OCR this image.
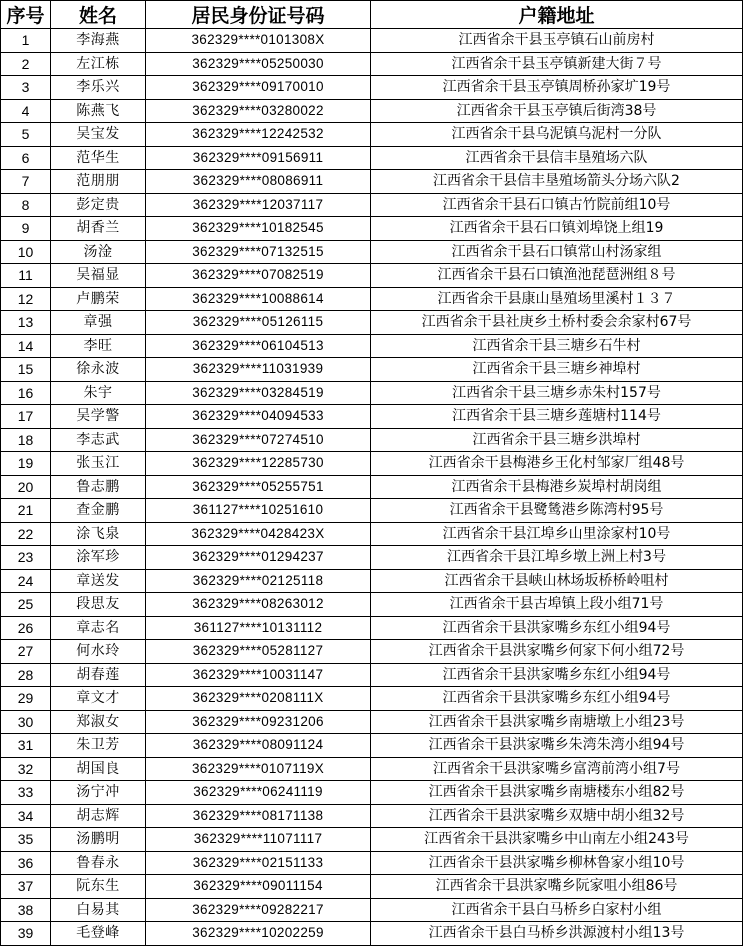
序号	姓名	居民身份证号码	户籍地址
1	李海燕	362329****0101308X	江西省余干县玉亭镇石山前房村
2	左江栋	362329****05250030	江西省余干县玉亭镇新建大街７号
3	李乐兴	362329****09170010	江西省余干县玉亭镇周桥孙家圹19号
4	陈燕飞	362329****03280022	江西省余干县玉亭镇后街湾38号
5	吴宝发	362329****12242532	江西省余干县乌泥镇乌泥村一分队
6	范华生	362329****09156911	江西省余干县信丰垦殖场六队
7	范朋朋	362329****08086911	江西省余干县信丰垦殖场箭头分场六队2
8	彭定贵	362329****12037117	江西省余干县石口镇古竹院前组10号
9	胡香兰	362329****10182545	江西省余干县石口镇刘埠饶上组19
10	汤淦	362329****07132515	江西省余干县石口镇常山村汤家组
11	吴福显	362329****07082519	江西省余干县石口镇渔池琵琶洲组８号
12	卢鹏荣	362329****10088614	江西省余干县康山垦殖场里溪村１３７
13	章强	362329****05126115	江西省余干县社庚乡土桥村委会余家村67号
14	李旺	362329****06104513	江西省余干县三塘乡石牛村
15	徐永波	362329****11031939	江西省余干县三塘乡神埠村
16	朱宇	362329****03284519	江西省余干县三塘乡赤朱村157号
17	吴学警	362329****04094533	江西省余干县三塘乡莲塘村114号
18	李志武	362329****07274510	江西省余干县三塘乡洪埠村
19	张玉江	362329****12285730	江西省余干县梅港乡王化村邹家厂组48号
20	鲁志鹏	362329****05255751	江西省余干县梅港乡炭埠村胡岗组
21	查金鹏	361127****10251610	江西省余干县鹭鸶港乡陈湾村95号
22	涂飞泉	362329****0428423X	江西省余干县江埠乡山里涂家村10号
23	涂军珍	362329****01294237	江西省余干县江埠乡墩上洲上村3号
24	章送发	362329****02125118	江西省余干县峡山林场坂桥桥岭咀村
25	段思友	362329****08263012	江西省余干县古埠镇上段小组71号
26	章志名	361127****10131112	江西省余干县洪家嘴乡东红小组94号
27	何水玲	362329****05281127	江西省余干县洪家嘴乡何家下何小组72号
28	胡春莲	362329****10031147	江西省余干县洪家嘴乡东红小组94号
29	章文才	362329****0208111X	江西省余干县洪家嘴乡东红小组94号
30	郑淑女	362329****09231206	江西省余干县洪家嘴乡南塘墩上小组23号
31	朱卫芳	362329****08091124	江西省余干县洪家嘴乡朱湾朱湾小组94号
32	胡国良	362329****0107119X	江西省余干县洪家嘴乡富湾前湾小组7号
33	汤宁冲	362329****06241119	江西省余干县洪家嘴乡南塘楼东小组82号
34	胡志辉	362329****08171138	江西省余干县洪家嘴乡双塘中胡小组32号
35	汤鹏明	362329****11071117	江西省余干县洪家嘴乡中山南左小组243号
36	鲁春永	362329****02151133	江西省余干县洪家嘴乡柳林鲁家小组10号
37	阮东生	362329****09011154	江西省余干县洪家嘴乡阮家咀小组86号
38	白易其	362329****09282217	江西省余干县白马桥乡白家村小组
39	毛登峰	362329****10202259	江西省余干县白马桥乡洪源渡村小组13号
